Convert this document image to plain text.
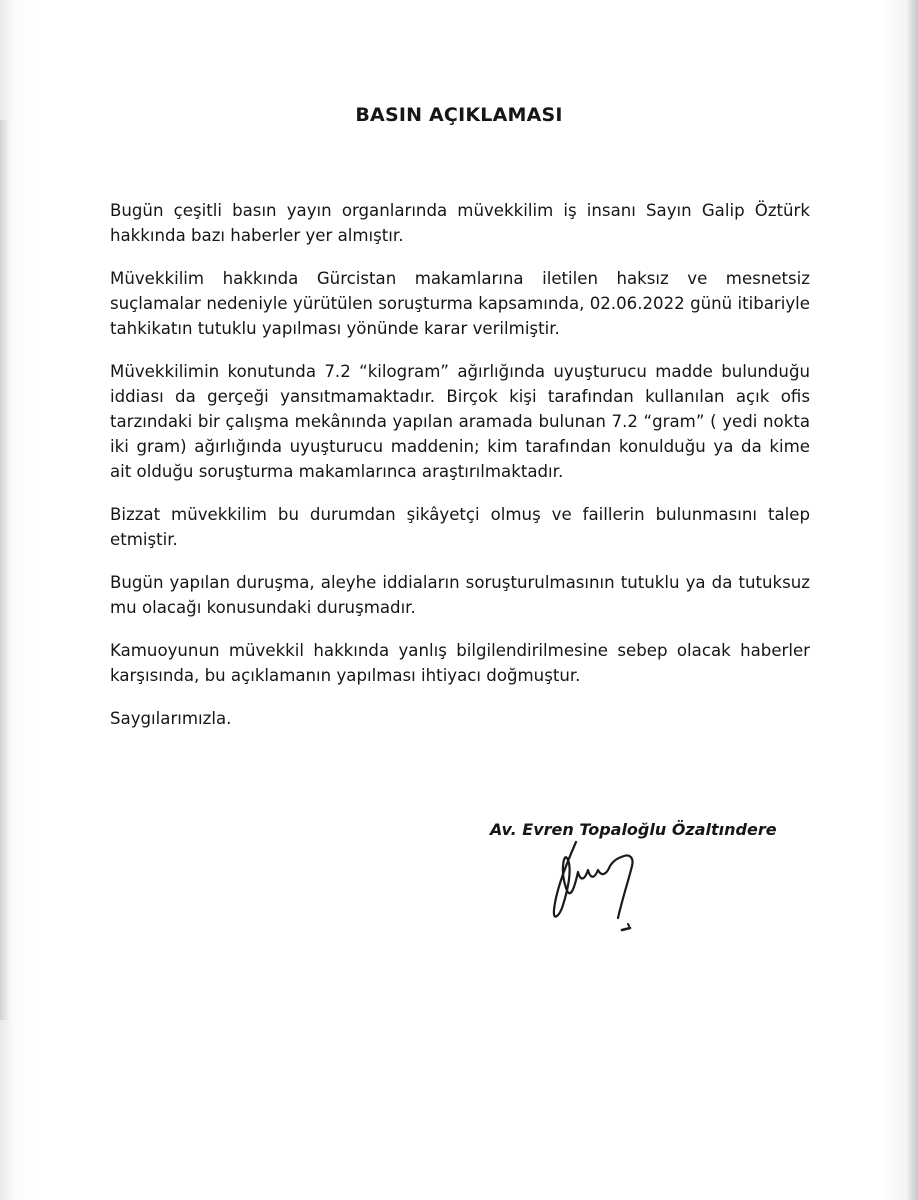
BASIN AÇIKLAMASI

Bugün çeşitli basın yayın organlarında müvekkilim iş insanı Sayın Galip Öztürk hakkında bazı haberler yer almıştır.

Müvekkilim hakkında Gürcistan makamlarına iletilen haksız ve mesnetsiz suçlamalar nedeniyle yürütülen soruşturma kapsamında, 02.06.2022 günü itibariyle tahkikatın tutuklu yapılması yönünde karar verilmiştir.

Müvekkilimin konutunda 7.2 “kilogram” ağırlığında uyuşturucu madde bulunduğu iddiası da gerçeği yansıtmamaktadır. Birçok kişi tarafından kullanılan açık ofis tarzındaki bir çalışma mekânında yapılan aramada bulunan 7.2 “gram” ( yedi nokta iki gram) ağırlığında uyuşturucu maddenin; kim tarafından konulduğu ya da kime ait olduğu soruşturma makamlarınca araştırılmaktadır.

Bizzat müvekkilim bu durumdan şikâyetçi olmuş ve faillerin bulunmasını talep etmiştir.

Bugün yapılan duruşma, aleyhe iddiaların soruşturulmasının tutuklu ya da tutuksuz mu olacağı konusundaki duruşmadır.

Kamuoyunun müvekkil hakkında yanlış bilgilendirilmesine sebep olacak haberler karşısında, bu açıklamanın yapılması ihtiyacı doğmuştur.

Saygılarımızla.

Av. Evren Topaloğlu Özaltındere
